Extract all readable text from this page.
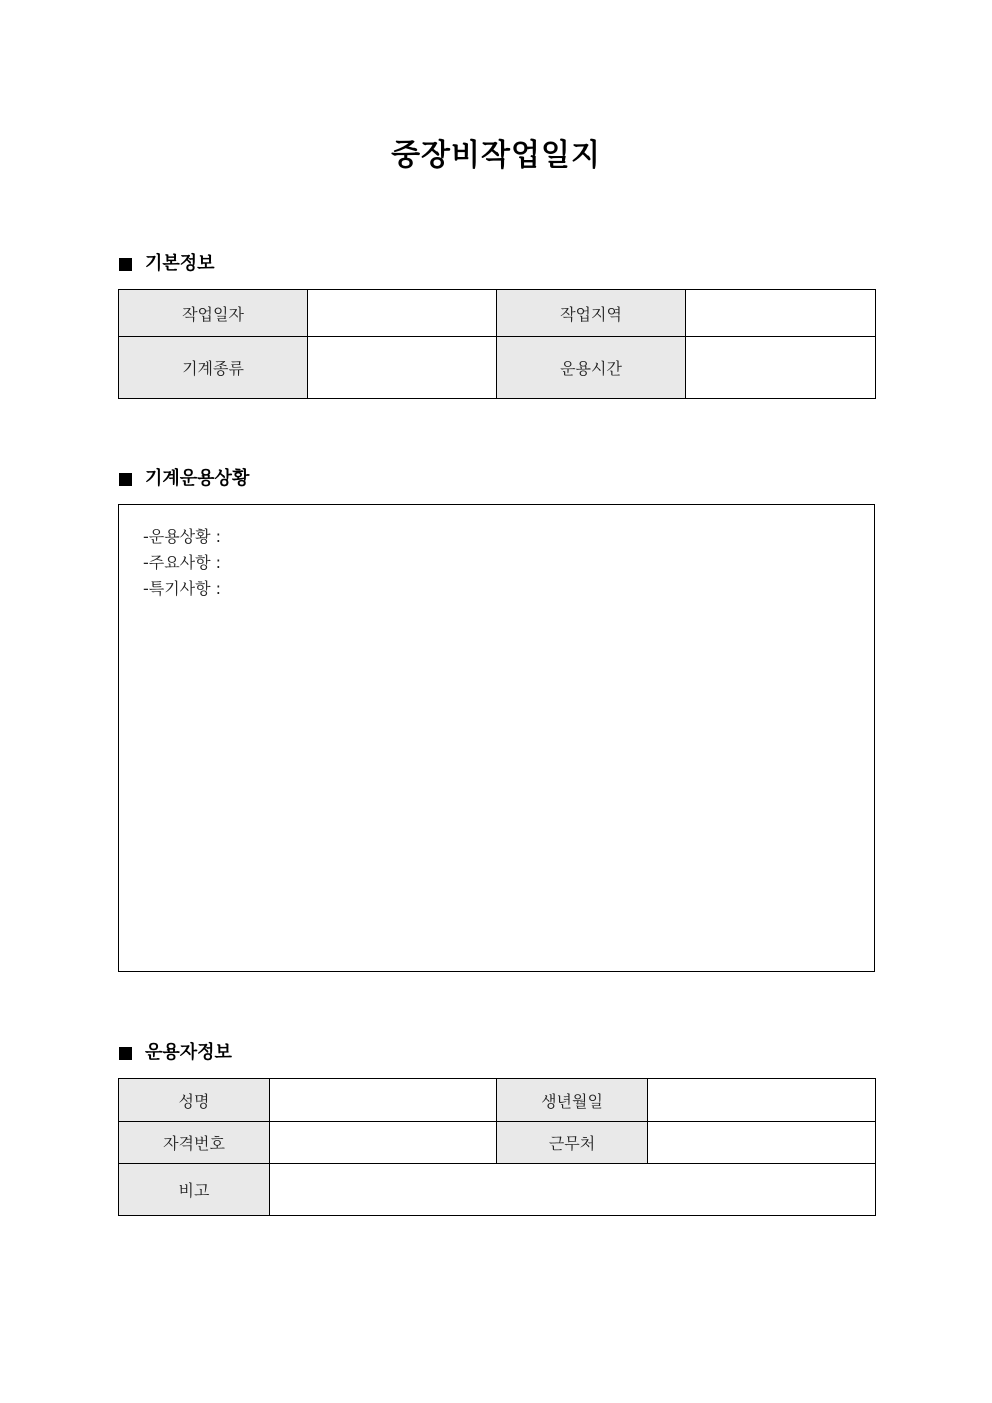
중장비작업일지
기본정보
작업일자		작업지역	
기계종류		운용시간	
기계운용상황
-운용상황 :
-주요사항 :
-특기사항 :
운용자정보
성명		생년월일	
자격번호		근무처	
비고			
